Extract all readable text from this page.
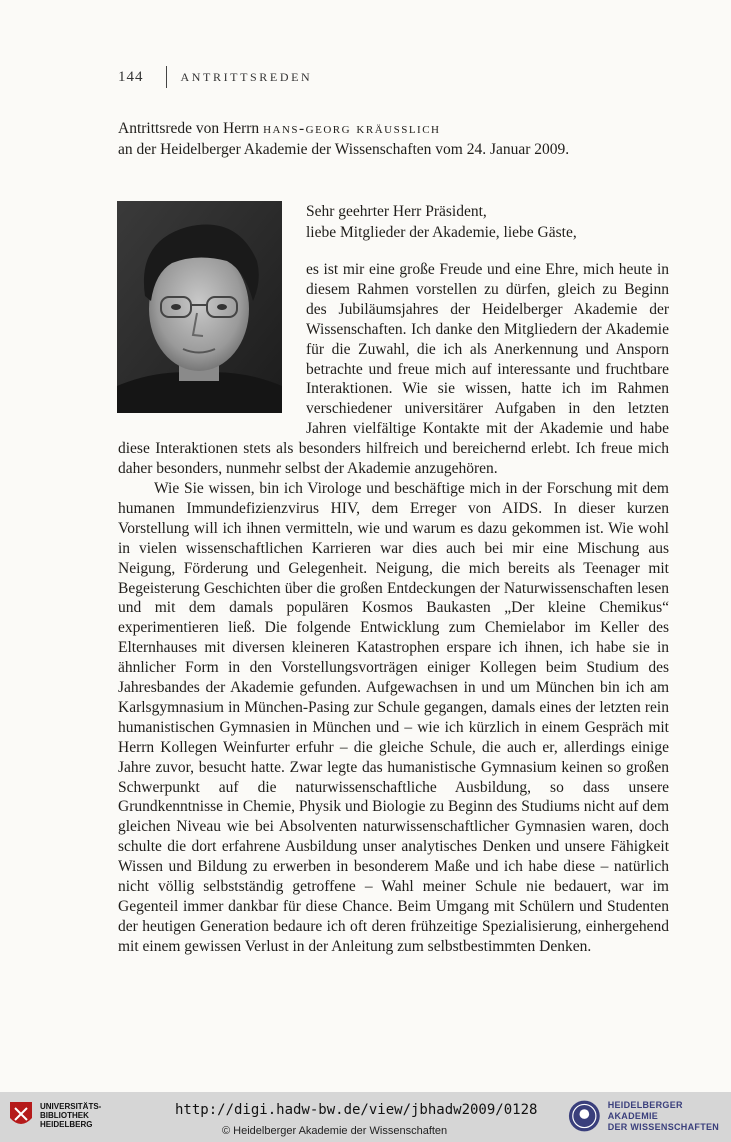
144	ANTRITTSREDEN
Antrittsrede von Herrn hans-georg kräusslich
an der Heidelberger Akademie der Wissenschaften vom 24. Januar 2009.
Sehr geehrter Herr Präsident,
liebe Mitglieder der Akademie, liebe Gäste,

es ist mir eine große Freude und eine Ehre, mich heute in diesem Rahmen vorstellen zu dürfen, gleich zu Beginn des Jubiläumsjahres der Heidelberger Akademie der Wissenschaften. Ich danke den Mitgliedern der Akademie für die Zuwahl, die ich als Anerkennung und Ansporn betrachte und freue mich auf interessante und fruchtbare Interaktionen. Wie sie wissen, hatte ich im Rahmen verschiedener universitärer Aufgaben in den letzten Jahren vielfältige Kontakte mit der Akademie und habe diese Interaktionen stets als besonders hilfreich und bereichernd erlebt. Ich freue mich daher besonders, nunmehr selbst der Akademie anzugehören.

Wie Sie wissen, bin ich Virologe und beschäftige mich in der Forschung mit dem humanen Immundefizienzvirus HIV, dem Erreger von AIDS. In dieser kurzen Vorstellung will ich ihnen vermitteln, wie und warum es dazu gekommen ist. Wie wohl in vielen wissenschaftlichen Karrieren war dies auch bei mir eine Mischung aus Neigung, Förderung und Gelegenheit. Neigung, die mich bereits als Teenager mit Begeisterung Geschichten über die großen Entdeckungen der Naturwissenschaften lesen und mit dem damals populären Kosmos Baukasten „Der kleine Chemikus“ experimentieren ließ. Die folgende Entwicklung zum Chemielabor im Keller des Elternhauses mit diversen kleineren Katastrophen erspare ich ihnen, ich habe sie in ähnlicher Form in den Vorstellungsvorträgen einiger Kollegen beim Studium des Jahresbandes der Akademie gefunden. Aufgewachsen in und um München bin ich am Karlsgymnasium in München-Pasing zur Schule gegangen, damals eines der letzten rein humanistischen Gymnasien in München und – wie ich kürzlich in einem Gespräch mit Herrn Kollegen Weinfurter erfuhr – die gleiche Schule, die auch er, allerdings einige Jahre zuvor, besucht hatte. Zwar legte das humanistische Gymnasium keinen so großen Schwerpunkt auf die naturwissenschaftliche Ausbildung, so dass unsere Grundkenntnisse in Chemie, Physik und Biologie zu Beginn des Studiums nicht auf dem gleichen Niveau wie bei Absolventen naturwissenschaftlicher Gymnasien waren, doch schulte die dort erfahrene Ausbildung unser analytisches Denken und unsere Fähigkeit Wissen und Bildung zu erwerben in besonderem Maße und ich habe diese – natürlich nicht völlig selbstständig getroffene – Wahl meiner Schule nie bedauert, war im Gegenteil immer dankbar für diese Chance. Beim Umgang mit Schülern und Studenten der heutigen Generation bedaure ich oft deren frühzeitige Spezialisierung, einhergehend mit einem gewissen Verlust in der Anleitung zum selbstbestimmten Denken.

UNIVERSITÄTS-
BIBLIOTHEK
HEIDELBERG
http://digi.hadw-bw.de/view/jbhadw2009/0128
© Heidelberger Akademie der Wissenschaften
HEIDELBERGER AKADEMIE
DER WISSENSCHAFTEN
